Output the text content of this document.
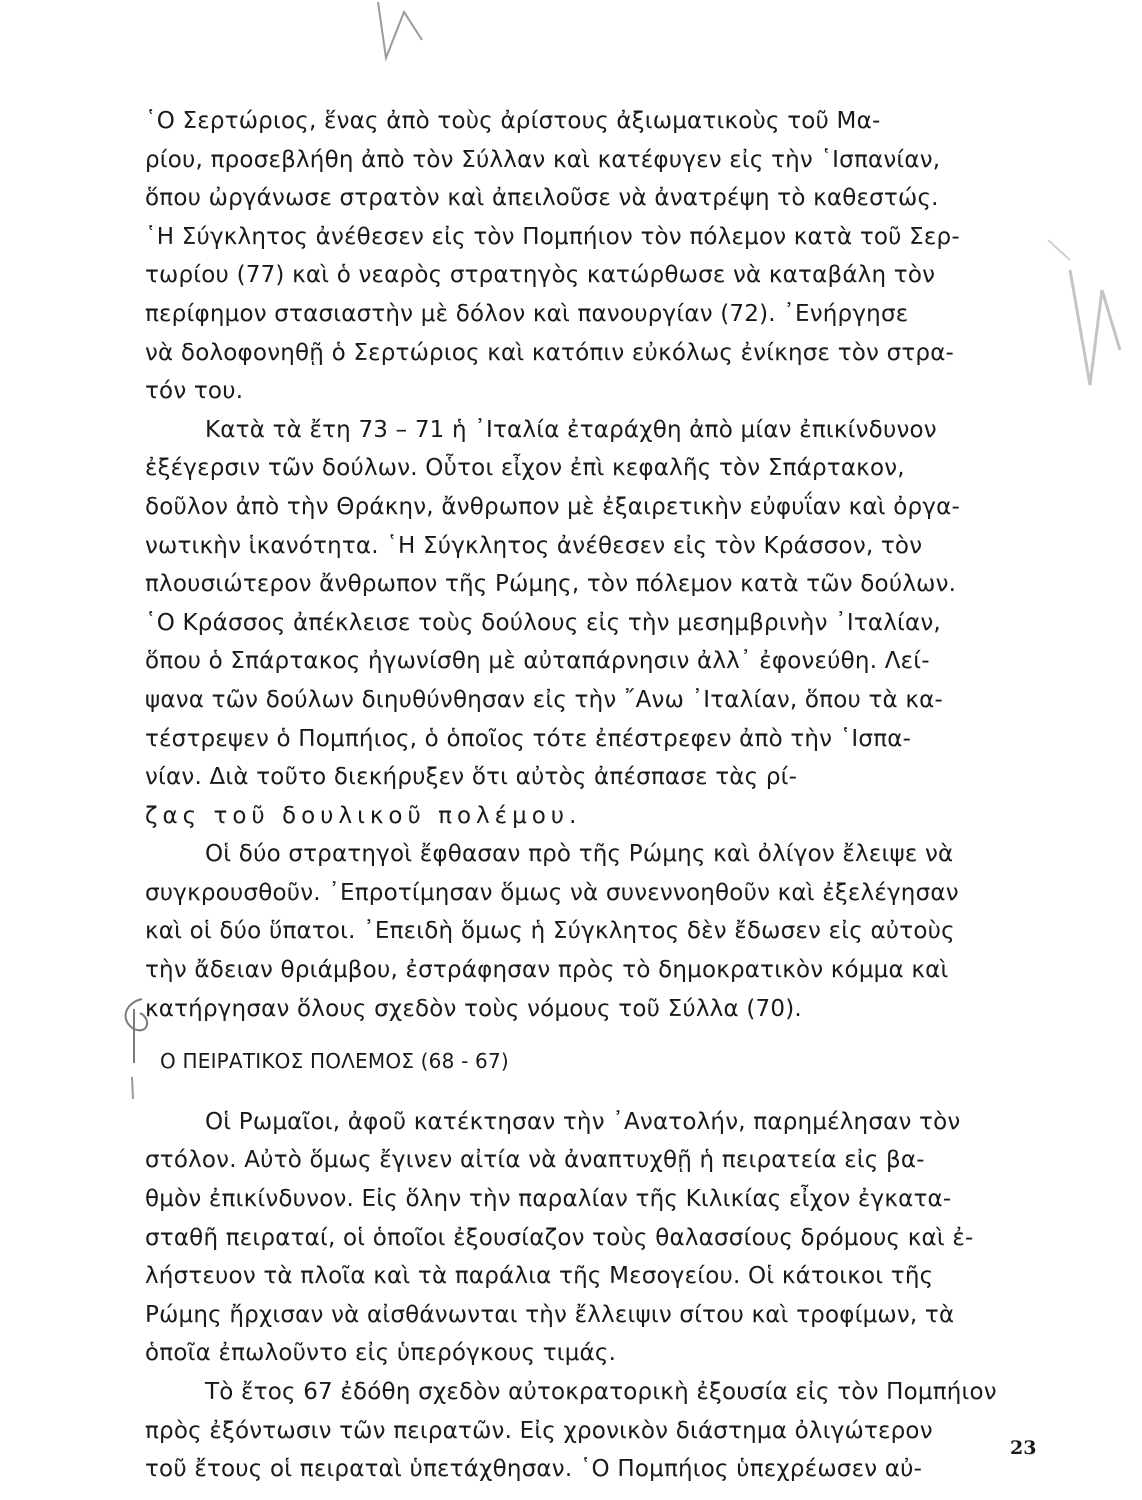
῾Ο Σερτώριος, ἕνας ἀπὸ τοὺς ἀρίστους ἀξιωματικοὺς τοῦ Μα-
ρίου, προσεβλήθη ἀπὸ τὸν Σύλλαν καὶ κατέφυγεν εἰς τὴν ῾Ισπανίαν,
ὅπου ὠργάνωσε στρατὸν καὶ ἀπειλοῦσε νὰ ἀνατρέψη τὸ καθεστώς.
῾Η Σύγκλητος ἀνέθεσεν εἰς τὸν Πομπήιον τὸν πόλεμον κατὰ τοῦ Σερ-
τωρίου (77) καὶ ὁ νεαρὸς στρατηγὸς κατώρθωσε νὰ καταβάλη τὸν
περίφημον στασιαστὴν μὲ δόλον καὶ πανουργίαν (72). ᾿Ενήργησε
νὰ δολοφονηθῇ ὁ Σερτώριος καὶ κατόπιν εὐκόλως ἐνίκησε τὸν στρα-
τόν του.

Κατὰ τὰ ἔτη 73 – 71 ἡ ᾿Ιταλία ἐταράχθη ἀπὸ μίαν ἐπικίνδυνον
ἐξέγερσιν τῶν δούλων. Οὗτοι εἶχον ἐπὶ κεφαλῆς τὸν Σπάρτακον,
δοῦλον ἀπὸ τὴν Θράκην, ἄνθρωπον μὲ ἐξαιρετικὴν εὐφυΐαν καὶ ὀργα-
νωτικὴν ἱκανότητα. ῾Η Σύγκλητος ἀνέθεσεν εἰς τὸν Κράσσον, τὸν
πλουσιώτερον ἄνθρωπον τῆς Ρώμης, τὸν πόλεμον κατὰ τῶν δούλων.
῾Ο Κράσσος ἀπέκλεισε τοὺς δούλους εἰς τὴν μεσημβρινὴν ᾿Ιταλίαν,
ὅπου ὁ Σπάρτακος ἠγωνίσθη μὲ αὐταπάρνησιν ἀλλ᾿ ἐφονεύθη. Λεί-
ψανα τῶν δούλων διηυθύνθησαν εἰς τὴν ῎Ανω ᾿Ιταλίαν, ὅπου τὰ κα-
τέστρεψεν ὁ Πομπήιος, ὁ ὁποῖος τότε ἐπέστρεφεν ἀπὸ τὴν ῾Ισπα-
νίαν. Διὰ τοῦτο διεκήρυξεν ὅτι αὐτὸς ἀπέσπασε τὰς ρί-
ζας τοῦ δουλικοῦ πολέμου.

Οἱ δύο στρατηγοὶ ἔφθασαν πρὸ τῆς Ρώμης καὶ ὀλίγον ἔλειψε νὰ
συγκρουσθοῦν. ᾿Επροτίμησαν ὅμως νὰ συνεννοηθοῦν καὶ ἐξελέγησαν
καὶ οἱ δύο ὕπατοι. ᾿Επειδὴ ὅμως ἡ Σύγκλητος δὲν ἔδωσεν εἰς αὐτοὺς
τὴν ἄδειαν θριάμβου, ἐστράφησαν πρὸς τὸ δημοκρατικὸν κόμμα καὶ
κατήργησαν ὅλους σχεδὸν τοὺς νόμους τοῦ Σύλλα (70).

Ο ΠΕΙΡΑΤΙΚΟΣ ΠΟΛΕΜΟΣ (68 - 67)

Οἱ Ρωμαῖοι, ἀφοῦ κατέκτησαν τὴν ᾿Ανατολήν, παρημέλησαν τὸν
στόλον. Αὐτὸ ὅμως ἔγινεν αἰτία νὰ ἀναπτυχθῇ ἡ πειρατεία εἰς βα-
θμὸν ἐπικίνδυνον. Εἰς ὅλην τὴν παραλίαν τῆς Κιλικίας εἶχον ἐγκατα-
σταθῆ πειραταί, οἱ ὁποῖοι ἐξουσίαζον τοὺς θαλασσίους δρόμους καὶ ἐ-
λήστευον τὰ πλοῖα καὶ τὰ παράλια τῆς Μεσογείου. Οἱ κάτοικοι τῆς
Ρώμης ἤρχισαν νὰ αἰσθάνωνται τὴν ἔλλειψιν σίτου καὶ τροφίμων, τὰ
ὁποῖα ἐπωλοῦντο εἰς ὑπερόγκους τιμάς.

Τὸ ἔτος 67 ἐδόθη σχεδὸν αὐτοκρατορικὴ ἐξουσία εἰς τὸν Πομπήιον
πρὸς ἐξόντωσιν τῶν πειρατῶν. Εἰς χρονικὸν διάστημα ὀλιγώτερον
τοῦ ἔτους οἱ πειραταὶ ὑπετάχθησαν. ῾Ο Πομπήιος ὑπεχρέωσεν αὐ-

23
